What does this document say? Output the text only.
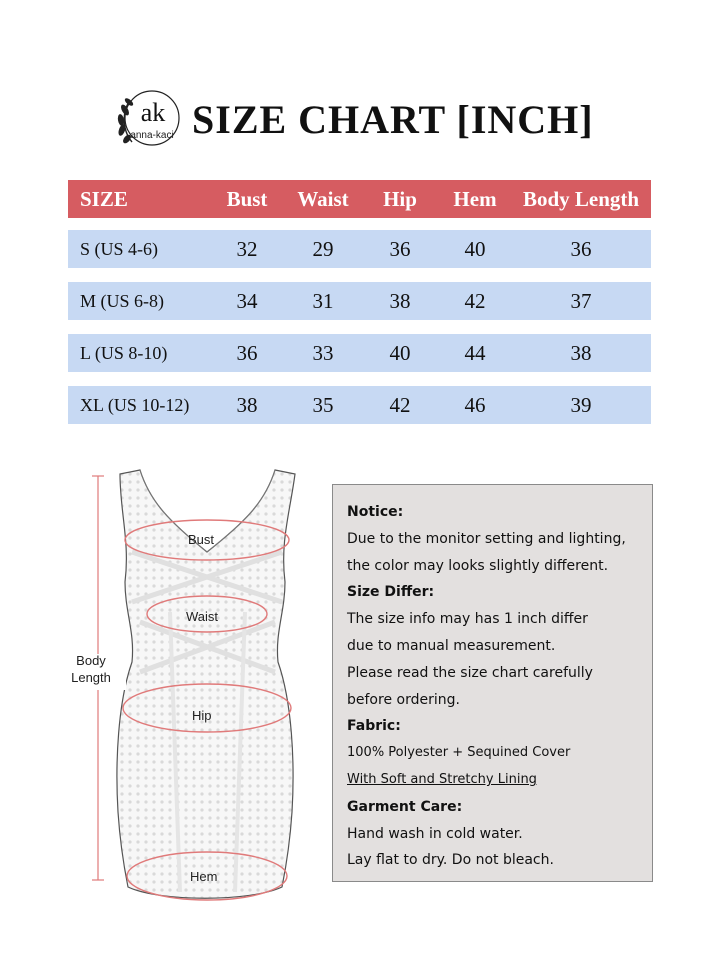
ak
anna-kaci SIZE CHART [INCH]
SIZE	Bust	Waist	Hip	Hem	Body Length
S (US 4-6)	32	29	36	40	36
M (US 6-8)	34	31	38	42	37
L (US 8-10)	36	33	40	44	38
XL (US 10-12)	38	35	42	46	39
Bust
Waist
Hip
Hem
Body
Length
Notice:
Due to the monitor setting and lighting,
the color may looks slightly different.
Size Differ:
The size info may has 1 inch differ
due to manual measurement.
Please read the size chart carefully
before ordering.
Fabric:
100% Polyester + Sequined Cover
With Soft and Stretchy Lining
Garment Care:
Hand wash in cold water.
Lay flat to dry. Do not bleach.
